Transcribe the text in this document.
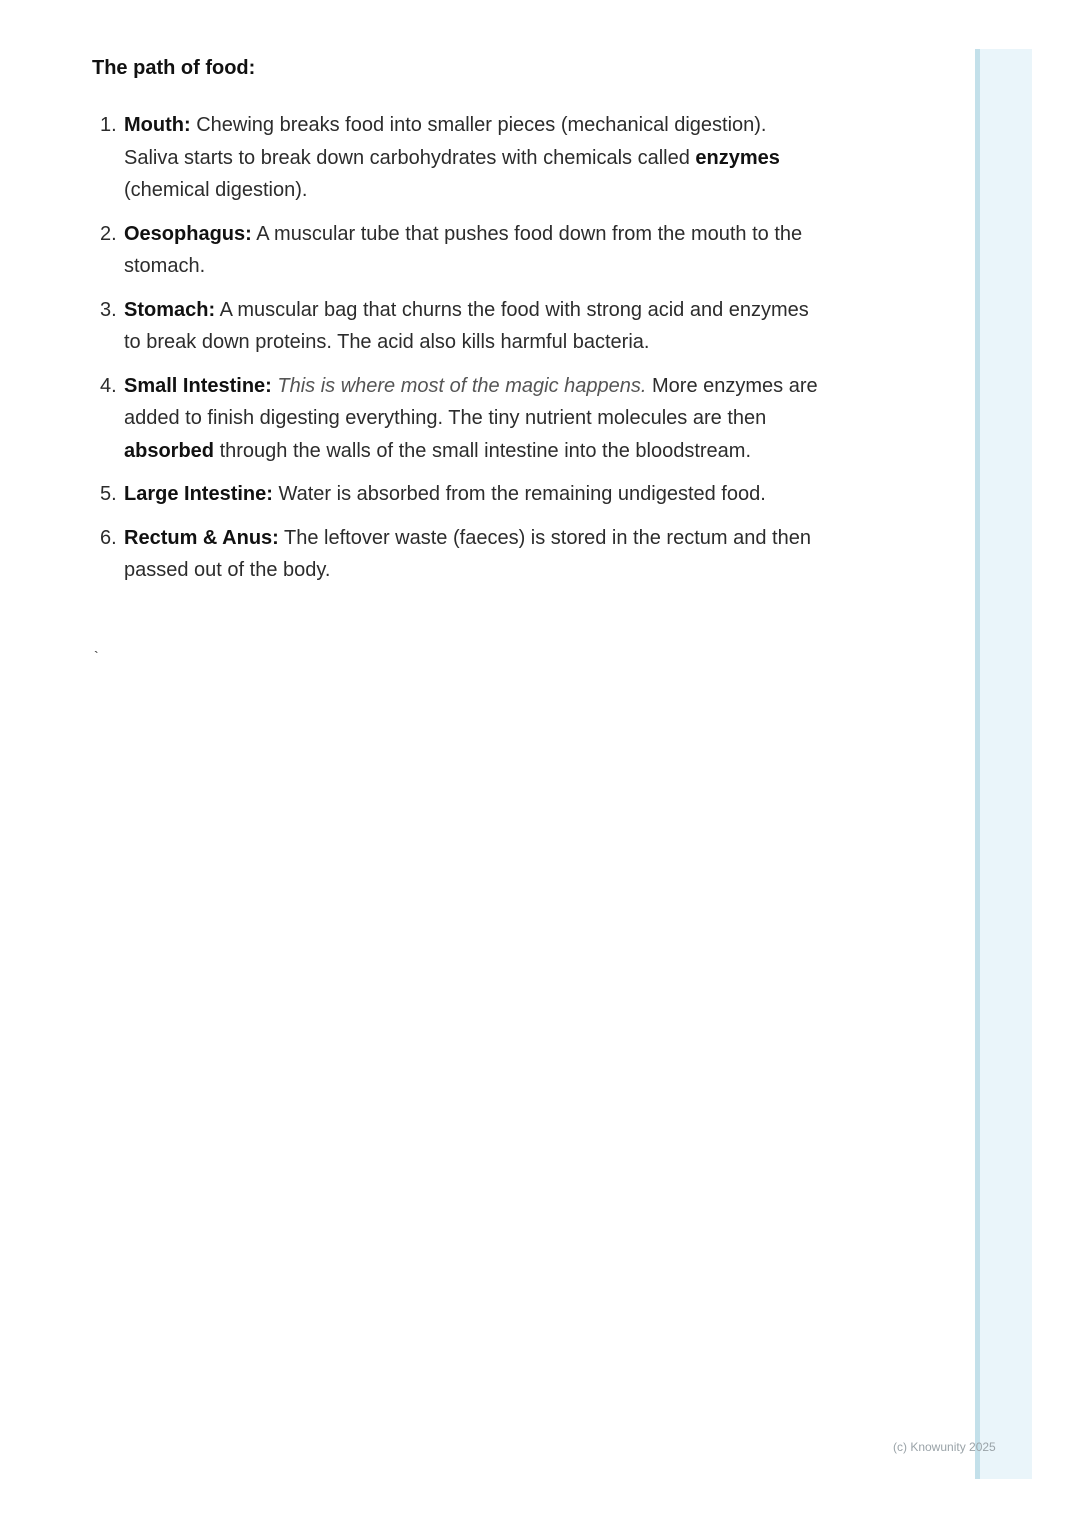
The path of food:
1. Mouth: Chewing breaks food into smaller pieces (mechanical digestion). Saliva starts to break down carbohydrates with chemicals called enzymes (chemical digestion).
2. Oesophagus: A muscular tube that pushes food down from the mouth to the stomach.
3. Stomach: A muscular bag that churns the food with strong acid and enzymes to break down proteins. The acid also kills harmful bacteria.
4. Small Intestine: This is where most of the magic happens. More enzymes are added to finish digesting everything. The tiny nutrient molecules are then absorbed through the walls of the small intestine into the bloodstream.
5. Large Intestine: Water is absorbed from the remaining undigested food.
6. Rectum & Anus: The leftover waste (faeces) is stored in the rectum and then passed out of the body.
`
(c) Knowunity 2025
